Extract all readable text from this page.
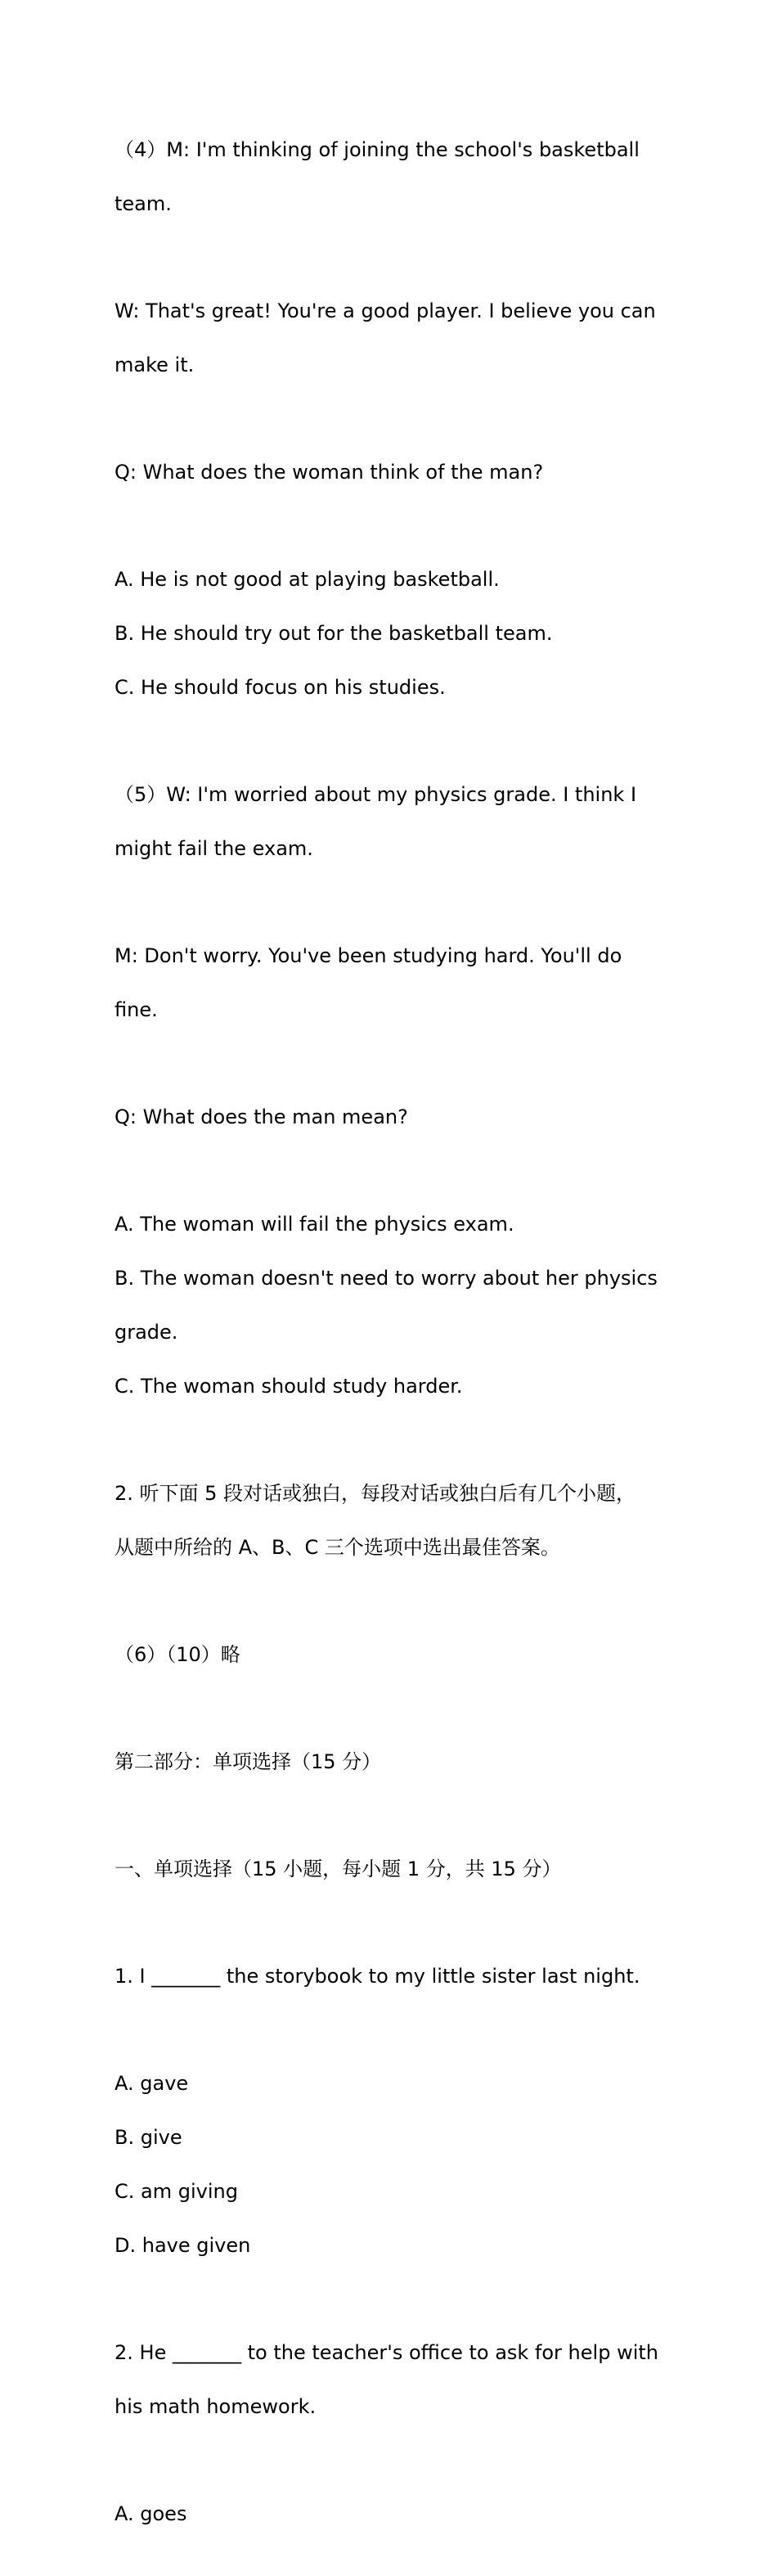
（4）M: I'm thinking of joining the school's basketball

team.

W: That's great! You're a good player. I believe you can

make it.

Q: What does the woman think of the man?

A. He is not good at playing basketball.

B. He should try out for the basketball team.

C. He should focus on his studies.

（5）W: I'm worried about my physics grade. I think I

might fail the exam.

M: Don't worry. You've been studying hard. You'll do

fine.

Q: What does the man mean?

A. The woman will fail the physics exam.

B. The woman doesn't need to worry about her physics

grade.

C. The woman should study harder.

2. 听下面 5 段对话或独白，每段对话或独白后有几个小题，

从题中所给的 A、B、C 三个选项中选出最佳答案。

（6）（10）略

第二部分：单项选择（15 分）

一、单项选择（15 小题，每小题 1 分，共 15 分）

1. I _______ the storybook to my little sister last night.

A. gave

B. give

C. am giving

D. have given

2. He _______ to the teacher's office to ask for help with

his math homework.

A. goes
